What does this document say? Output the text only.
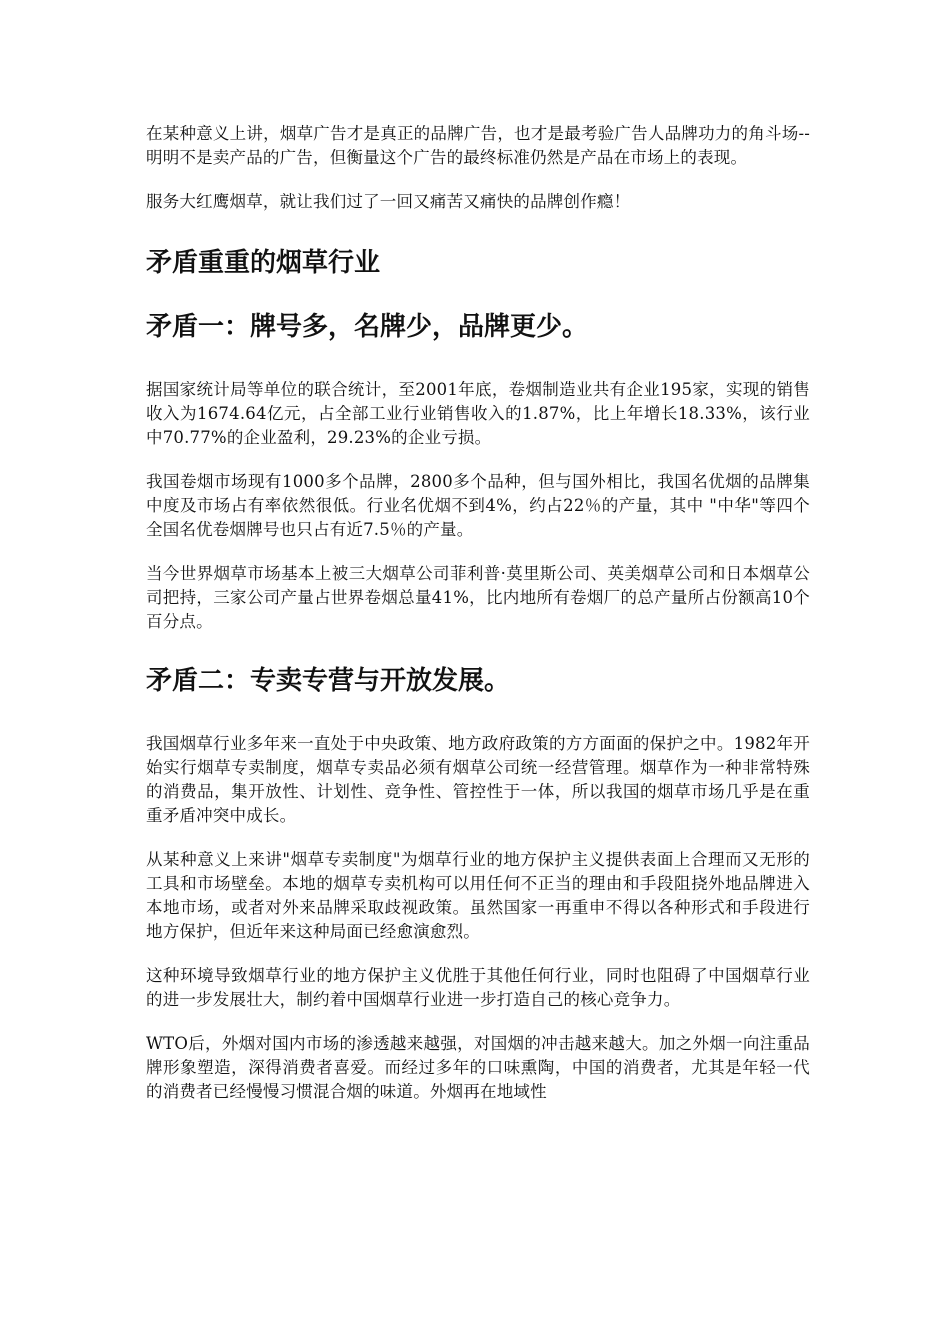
在某种意义上讲，烟草广告才是真正的品牌广告，也才是最考验广告人品牌功力的角斗场--明明不是卖产品的广告，但衡量这个广告的最终标准仍然是产品在市场上的表现。

服务大红鹰烟草，就让我们过了一回又痛苦又痛快的品牌创作瘾！

矛盾重重的烟草行业
矛盾一：牌号多，名牌少，品牌更少。

据国家统计局等单位的联合统计，至2001年底，卷烟制造业共有企业195家，实现的销售收入为1674.64亿元，占全部工业行业销售收入的1.87%，比上年增长18.33%，该行业中70.77%的企业盈利，29.23%的企业亏损。

我国卷烟市场现有1000多个品牌，2800多个品种，但与国外相比，我国名优烟的品牌集中度及市场占有率依然很低。行业名优烟不到4%，约占22％的产量，其中 "中华"等四个全国名优卷烟牌号也只占有近7.5％的产量。

当今世界烟草市场基本上被三大烟草公司菲利普·莫里斯公司、英美烟草公司和日本烟草公司把持，三家公司产量占世界卷烟总量41%，比内地所有卷烟厂的总产量所占份额高10个百分点。

矛盾二：专卖专营与开放发展。

我国烟草行业多年来一直处于中央政策、地方政府政策的方方面面的保护之中。1982年开始实行烟草专卖制度，烟草专卖品必须有烟草公司统一经营管理。烟草作为一种非常特殊的消费品，集开放性、计划性、竞争性、管控性于一体，所以我国的烟草市场几乎是在重重矛盾冲突中成长。

从某种意义上来讲"烟草专卖制度"为烟草行业的地方保护主义提供表面上合理而又无形的工具和市场壁垒。本地的烟草专卖机构可以用任何不正当的理由和手段阻挠外地品牌进入本地市场，或者对外来品牌采取歧视政策。虽然国家一再重申不得以各种形式和手段进行地方保护，但近年来这种局面已经愈演愈烈。

这种环境导致烟草行业的地方保护主义优胜于其他任何行业，同时也阻碍了中国烟草行业的进一步发展壮大，制约着中国烟草行业进一步打造自己的核心竞争力。

WTO后，外烟对国内市场的渗透越来越强，对国烟的冲击越来越大。加之外烟一向注重品牌形象塑造，深得消费者喜爱。而经过多年的口味熏陶，中国的消费者，尤其是年轻一代的消费者已经慢慢习惯混合烟的味道。外烟再在地域性
